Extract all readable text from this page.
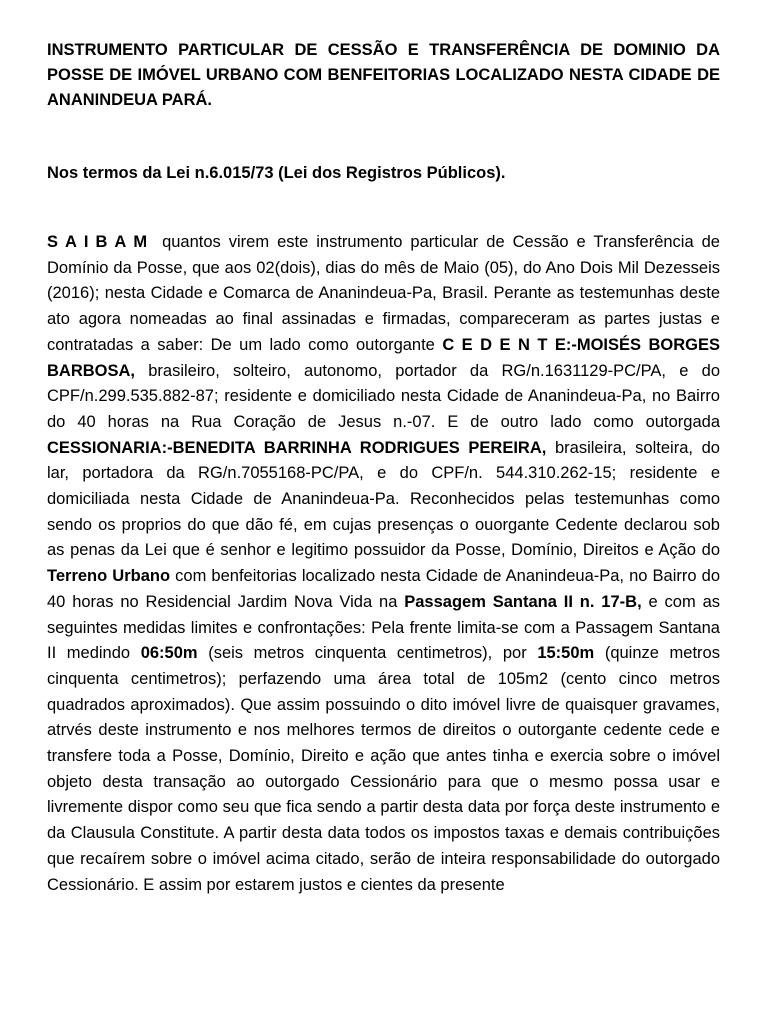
INSTRUMENTO PARTICULAR DE CESSÃO E TRANSFERÊNCIA DE DOMINIO DA POSSE DE IMÓVEL URBANO COM BENFEITORIAS LOCALIZADO NESTA CIDADE DE ANANINDEUA PARÁ.

Nos termos da Lei n.6.015/73 (Lei dos Registros Públicos).

SAIBAM quantos virem este instrumento particular de Cessão e Transferência de Domínio da Posse, que aos 02(dois), dias do mês de Maio (05), do Ano Dois Mil Dezesseis (2016); nesta Cidade e Comarca de Ananindeua-Pa, Brasil. Perante as testemunhas deste ato agora nomeadas ao final assinadas e firmadas, compareceram as partes justas e contratadas a saber: De um lado como outorgante C E D E N T E:-MOISÉS BORGES BARBOSA, brasileiro, solteiro, autonomo, portador da RG/n.1631129-PC/PA, e do CPF/n.299.535.882-87; residente e domiciliado nesta Cidade de Ananindeua-Pa, no Bairro do 40 horas na Rua Coração de Jesus n.-07. E de outro lado como outorgada CESSIONARIA:-BENEDITA BARRINHA RODRIGUES PEREIRA, brasileira, solteira, do lar, portadora da RG/n.7055168-PC/PA, e do CPF/n. 544.310.262-15; residente e domiciliada nesta Cidade de Ananindeua-Pa. Reconhecidos pelas testemunhas como sendo os proprios do que dão fé, em cujas presenças o ouorgante Cedente declarou sob as penas da Lei que é senhor e legitimo possuidor da Posse, Domínio, Direitos e Ação do Terreno Urbano com benfeitorias localizado nesta Cidade de Ananindeua-Pa, no Bairro do 40 horas no Residencial Jardim Nova Vida na Passagem Santana II n. 17-B, e com as seguintes medidas limites e confrontações: Pela frente limita-se com a Passagem Santana II medindo 06:50m (seis metros cinquenta centimetros), por 15:50m (quinze metros cinquenta centimetros); perfazendo uma área total de 105m2 (cento cinco metros quadrados aproximados). Que assim possuindo o dito imóvel livre de quaisquer gravames, atrvés deste instrumento e nos melhores termos de direitos o outorgante cedente cede e transfere toda a Posse, Domínio, Direito e ação que antes tinha e exercia sobre o imóvel objeto desta transação ao outorgado Cessionário para que o mesmo possa usar e livremente dispor como seu que fica sendo a partir desta data por força deste instrumento e da Clausula Constitute. A partir desta data todos os impostos taxas e demais contribuições que recaírem sobre o imóvel acima citado, serão de inteira responsabilidade do outorgado Cessionário. E assim por estarem justos e cientes da presente
